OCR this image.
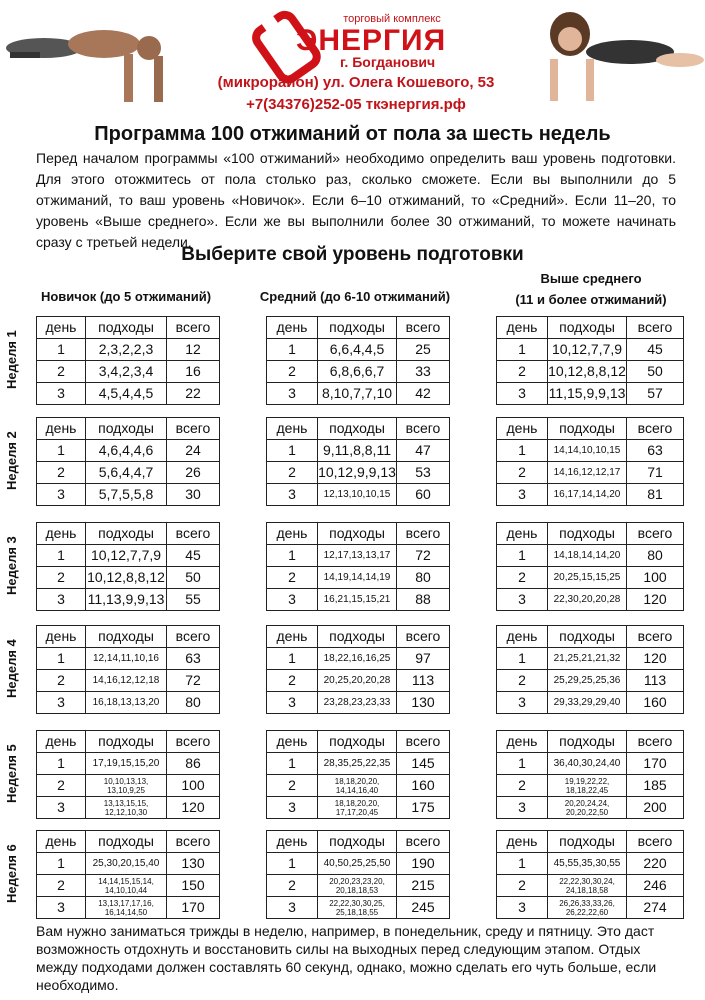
торговый комплекс
ЭНЕРГИЯ
г. Богданович
(микрорайон) ул. Олега Кошевого, 53
+7(34376)252-05 ткэнергия.рф
Программа 100 отжиманий от пола за шесть недель
Перед началом программы «100 отжиманий» необходимо определить ваш уровень подготовки. Для этого отожмитесь от пола столько раз, сколько сможете. Если вы выполнили до 5 отжиманий, то ваш уровень «Новичок». Если 6–10 отжиманий, то «Средний». Если 11–20, то уровень «Выше среднего». Если же вы выполнили более 30 отжиманий, то можете начинать сразу с третьей недели.
Выберите свой уровень подготовки
Новичок (до 5 отжиманий)	Средний (до 6-10 отжиманий)
Выше среднего
(11 и более отжиманий)
Неделя 1
день	подходы	всего
1	2,3,2,2,3	12
2	3,4,2,3,4	16
3	4,5,4,4,5	22
день	подходы	всего
1	6,6,4,4,5	25
2	6,8,6,6,7	33
3	8,10,7,7,10	42
день	подходы	всего
1	10,12,7,7,9	45
2	10,12,8,8,12	50
3	11,15,9,9,13	57
Неделя 2
день	подходы	всего
1	4,6,4,4,6	24
2	5,6,4,4,7	26
3	5,7,5,5,8	30
день	подходы	всего
1	9,11,8,8,11	47
2	10,12,9,9,13	53
3	12,13,10,10,15	60
день	подходы	всего
1	14,14,10,10,15	63
2	14,16,12,12,17	71
3	16,17,14,14,20	81
Неделя 3
день	подходы	всего
1	10,12,7,7,9	45
2	10,12,8,8,12	50
3	11,13,9,9,13	55
день	подходы	всего
1	12,17,13,13,17	72
2	14,19,14,14,19	80
3	16,21,15,15,21	88
день	подходы	всего
1	14,18,14,14,20	80
2	20,25,15,15,25	100
3	22,30,20,20,28	120
Неделя 4
день	подходы	всего
1	12,14,11,10,16	63
2	14,16,12,12,18	72
3	16,18,13,13,20	80
день	подходы	всего
1	18,22,16,16,25	97
2	20,25,20,20,28	113
3	23,28,23,23,33	130
день	подходы	всего
1	21,25,21,21,32	120
2	25,29,25,25,36	113
3	29,33,29,29,40	160
Неделя 5
день	подходы	всего
1	17,19,15,15,20	86
2	10,10,13,13, 13,10,9,25	100
3	13,13,15,15, 12,12,10,30	120
день	подходы	всего
1	28,35,25,22,35	145
2	18,18,20,20, 14,14,16,40	160
3	18,18,20,20, 17,17,20,45	175
день	подходы	всего
1	36,40,30,24,40	170
2	19,19,22,22, 18,18,22,45	185
3	20,20,24,24, 20,20,22,50	200
Неделя 6
день	подходы	всего
1	25,30,20,15,40	130
2	14,14,15,15,14, 14,10,10,44	150
3	13,13,17,17,16, 16,14,14,50	170
день	подходы	всего
1	40,50,25,25,50	190
2	20,20,23,23,20, 20,18,18,53	215
3	22,22,30,30,25, 25,18,18,55	245
день	подходы	всего
1	45,55,35,30,55	220
2	22,22,30,30,24, 24,18,18,58	246
3	26,26,33,33,26, 26,22,22,60	274
Вам нужно заниматься трижды в неделю, например, в понедельник, среду и пятницу. Это даст возможность отдохнуть и восстановить силы на выходных перед следующим этапом. Отдых между подходами должен составлять 60 секунд, однако, можно сделать его чуть больше, если необходимо.
